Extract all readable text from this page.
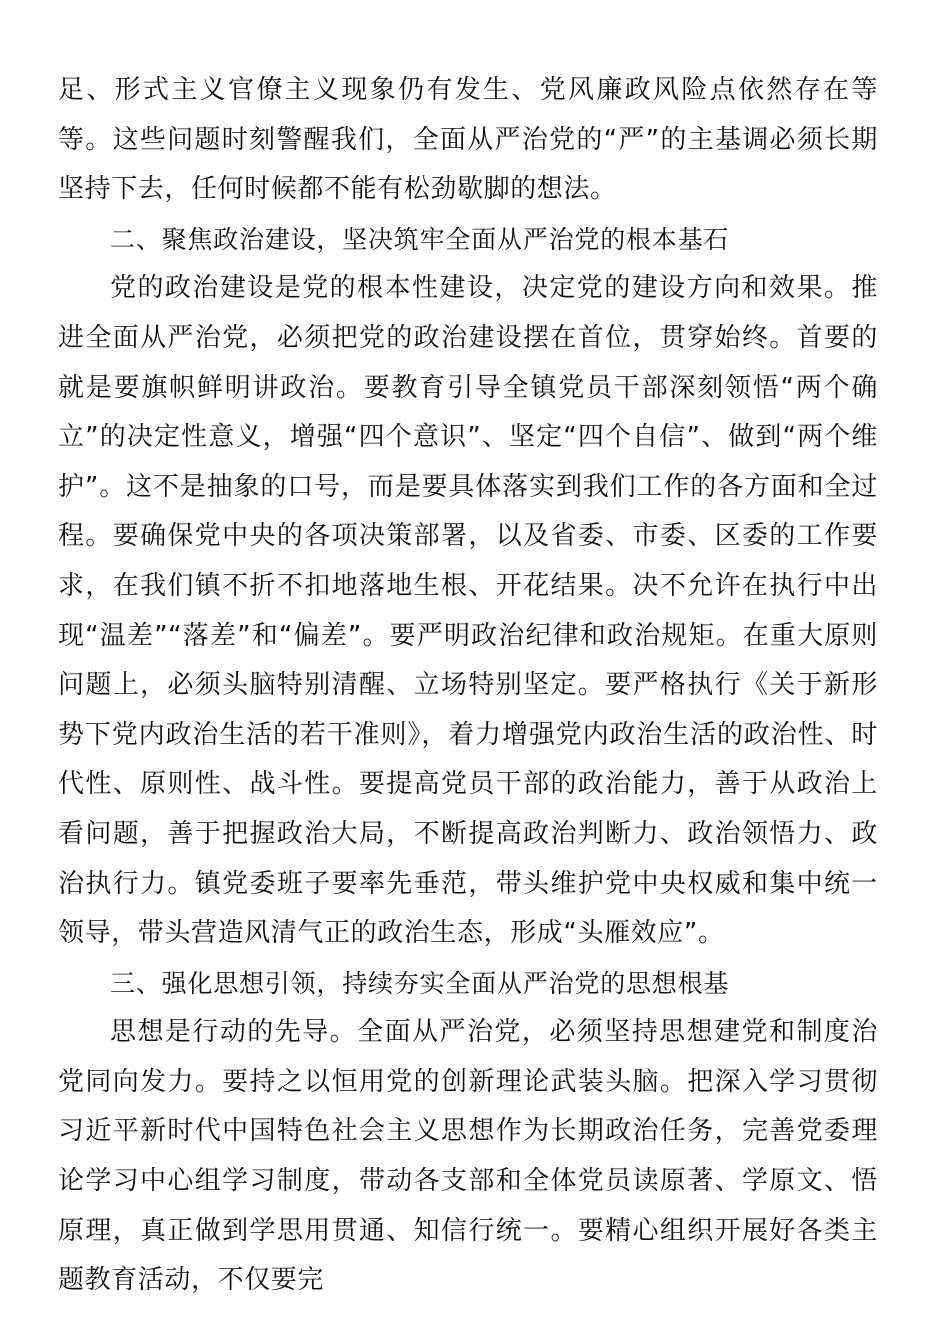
足、形式主义官僚主义现象仍有发生、党风廉政风险点依然存在等等。这些问题时刻警醒我们，全面从严治党的“严”的主基调必须长期坚持下去，任何时候都不能有松劲歇脚的想法。

二、聚焦政治建设，坚决筑牢全面从严治党的根本基石

党的政治建设是党的根本性建设，决定党的建设方向和效果。推进全面从严治党，必须把党的政治建设摆在首位，贯穿始终。首要的就是要旗帜鲜明讲政治。要教育引导全镇党员干部深刻领悟“两个确立”的决定性意义，增强“四个意识”、坚定“四个自信”、做到“两个维护”。这不是抽象的口号，而是要具体落实到我们工作的各方面和全过程。要确保党中央的各项决策部署，以及省委、市委、区委的工作要求，在我们镇不折不扣地落地生根、开花结果。决不允许在执行中出现“温差”“落差”和“偏差”。要严明政治纪律和政治规矩。在重大原则问题上，必须头脑特别清醒、立场特别坚定。要严格执行《关于新形势下党内政治生活的若干准则》，着力增强党内政治生活的政治性、时代性、原则性、战斗性。要提高党员干部的政治能力，善于从政治上看问题，善于把握政治大局，不断提高政治判断力、政治领悟力、政治执行力。镇党委班子要率先垂范，带头维护党中央权威和集中统一领导，带头营造风清气正的政治生态，形成“头雁效应”。

三、强化思想引领，持续夯实全面从严治党的思想根基

思想是行动的先导。全面从严治党，必须坚持思想建党和制度治党同向发力。要持之以恒用党的创新理论武装头脑。把深入学习贯彻习近平新时代中国特色社会主义思想作为长期政治任务，完善党委理论学习中心组学习制度，带动各支部和全体党员读原著、学原文、悟原理，真正做到学思用贯通、知信行统一。要精心组织开展好各类主题教育活动，不仅要完
